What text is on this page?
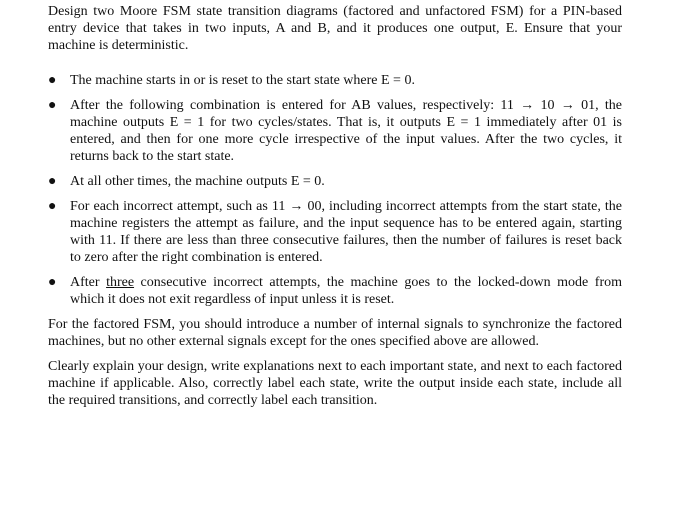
Design two Moore FSM state transition diagrams (factored and unfactored FSM) for a PIN-based entry device that takes in two inputs, A and B, and it produces one output, E. Ensure that your machine is deterministic.

● The machine starts in or is reset to the start state where E = 0.
● After the following combination is entered for AB values, respectively: 11 → 10 → 01, the machine outputs E = 1 for two cycles/states. That is, it outputs E = 1 immediately after 01 is entered, and then for one more cycle irrespective of the input values. After the two cycles, it returns back to the start state.
● At all other times, the machine outputs E = 0.
● For each incorrect attempt, such as 11 → 00, including incorrect attempts from the start state, the machine registers the attempt as failure, and the input sequence has to be entered again, starting with 11. If there are less than three consecutive failures, then the number of failures is reset back to zero after the right combination is entered.
● After three consecutive incorrect attempts, the machine goes to the locked-down mode from which it does not exit regardless of input unless it is reset.

For the factored FSM, you should introduce a number of internal signals to synchronize the factored machines, but no other external signals except for the ones specified above are allowed.

Clearly explain your design, write explanations next to each important state, and next to each factored machine if applicable. Also, correctly label each state, write the output inside each state, include all the required transitions, and correctly label each transition.
